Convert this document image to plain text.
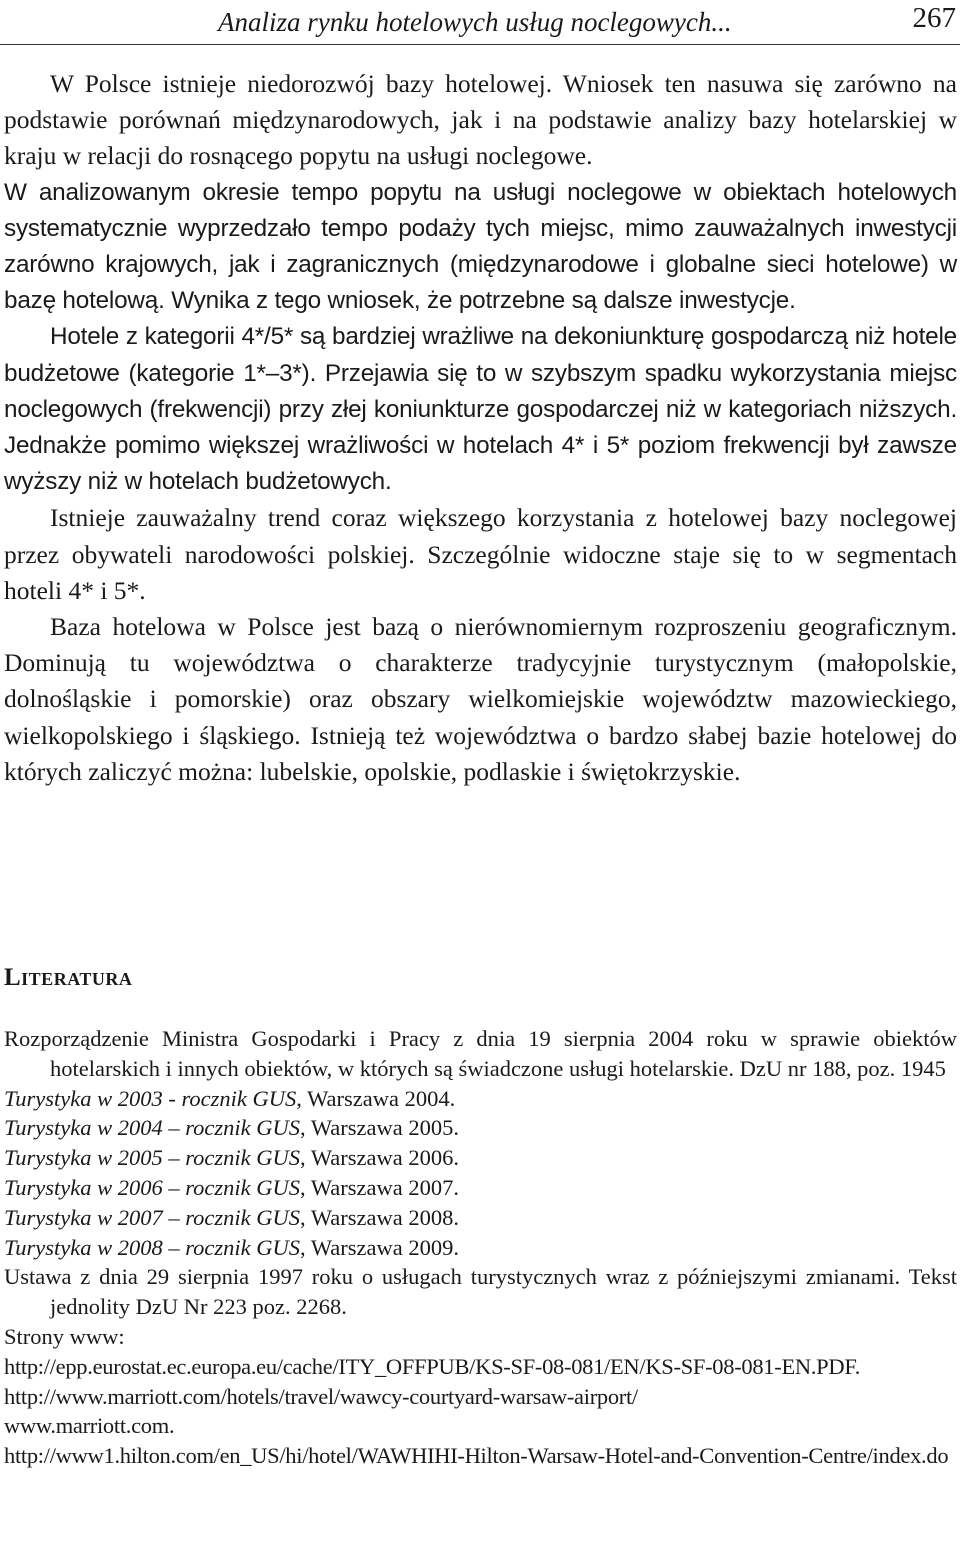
Analiza rynku hotelowych usług noclegowych...	267

W Polsce istnieje niedorozwój bazy hotelowej. Wniosek ten nasuwa się zarówno na podstawie porównań międzynarodowych, jak i na podstawie analizy bazy hotelarskiej w kraju w relacji do rosnącego popytu na usługi noclegowe.

W analizowanym okresie tempo popytu na usługi noclegowe w obiektach hotelowych systematycznie wyprzedzało tempo podaży tych miejsc, mimo zauważalnych inwestycji zarówno krajowych, jak i zagranicznych (międzynarodowe i globalne sieci hotelowe) w bazę hotelową. Wynika z tego wniosek, że potrzebne są dalsze inwestycje.

Hotele z kategorii 4*/5* są bardziej wrażliwe na dekoniunkturę gospodarczą niż hotele budżetowe (kategorie 1*–3*). Przejawia się to w szybszym spadku wykorzystania miejsc noclegowych (frekwencji) przy złej koniunkturze gospodarczej niż w kategoriach niższych. Jednakże pomimo większej wrażliwości w hotelach 4* i 5* poziom frekwencji był zawsze wyższy niż w hotelach budżetowych.

Istnieje zauważalny trend coraz większego korzystania z hotelowej bazy noclegowej przez obywateli narodowości polskiej. Szczególnie widoczne staje się to w segmentach hoteli 4* i 5*.

Baza hotelowa w Polsce jest bazą o nierównomiernym rozproszeniu geograficznym. Dominują tu województwa o charakterze tradycyjnie turystycznym (małopolskie, dolnośląskie i pomorskie) oraz obszary wielkomiejskie województw mazowieckiego, wielkopolskiego i śląskiego. Istnieją też województwa o bardzo słabej bazie hotelowej do których zaliczyć można: lubelskie, opolskie, podlaskie i świętokrzyskie.

Literatura

Rozporządzenie Ministra Gospodarki i Pracy z dnia 19 sierpnia 2004 roku w sprawie obiektów hotelarskich i innych obiektów, w których są świadczone usługi hotelarskie. DzU nr 188, poz. 1945

Turystyka w 2003 - rocznik GUS, Warszawa 2004.

Turystyka w 2004 – rocznik GUS, Warszawa 2005.

Turystyka w 2005 – rocznik GUS, Warszawa 2006.

Turystyka w 2006 – rocznik GUS, Warszawa 2007.

Turystyka w 2007 – rocznik GUS, Warszawa 2008.

Turystyka w 2008 – rocznik GUS, Warszawa 2009.

Ustawa z dnia 29 sierpnia 1997 roku o usługach turystycznych wraz z późniejszymi zmianami. Tekst jednolity DzU Nr 223 poz. 2268.

Strony www:

http://epp.eurostat.ec.europa.eu/cache/ITY_OFFPUB/KS-SF-08-081/EN/KS-SF-08-081-EN.PDF.

http://www.marriott.com/hotels/travel/wawcy-courtyard-warsaw-airport/

www.marriott.com.

http://www1.hilton.com/en_US/hi/hotel/WAWHIHI-Hilton-Warsaw-Hotel-and-Convention-Centre/index.do
